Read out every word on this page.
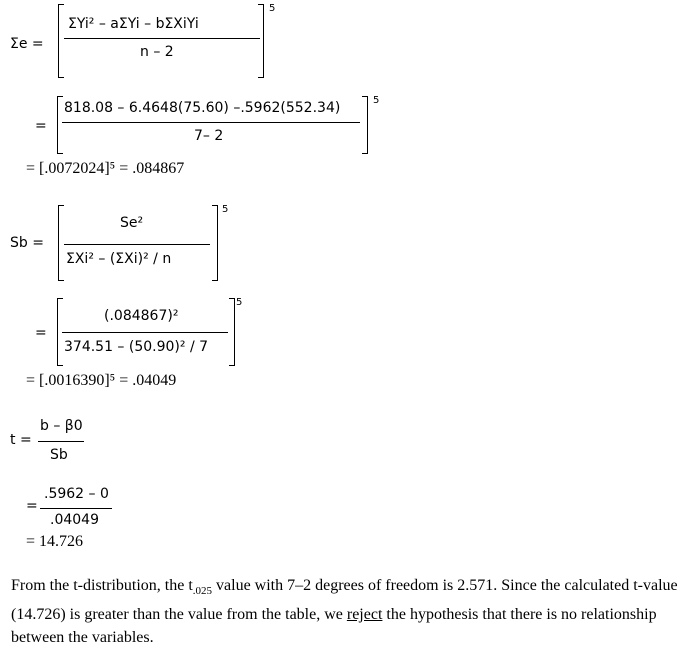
Σe =
ΣYi² – aΣYi – bΣXiYi
n – 2
5
=
818.08 – 6.4648(75.60) –.5962(552.34)
7– 2
5
= [.0072024]⁵ = .084867
Sb =
Se²
ΣXi² – (ΣXi)² / n
5
=
(.084867)²
374.51 – (50.90)² / 7
5
= [.0016390]⁵ = .04049
t =
b – β0
Sb
=
.5962 – 0
.04049
= 14.726
From the t-distribution, the $t_{.025}$ value with 7–2 degrees of freedom is 2.571. Since the calculated t-value (14.726) is greater than the value from the table, we reject the hypothesis that there is no relationship between the variables.
